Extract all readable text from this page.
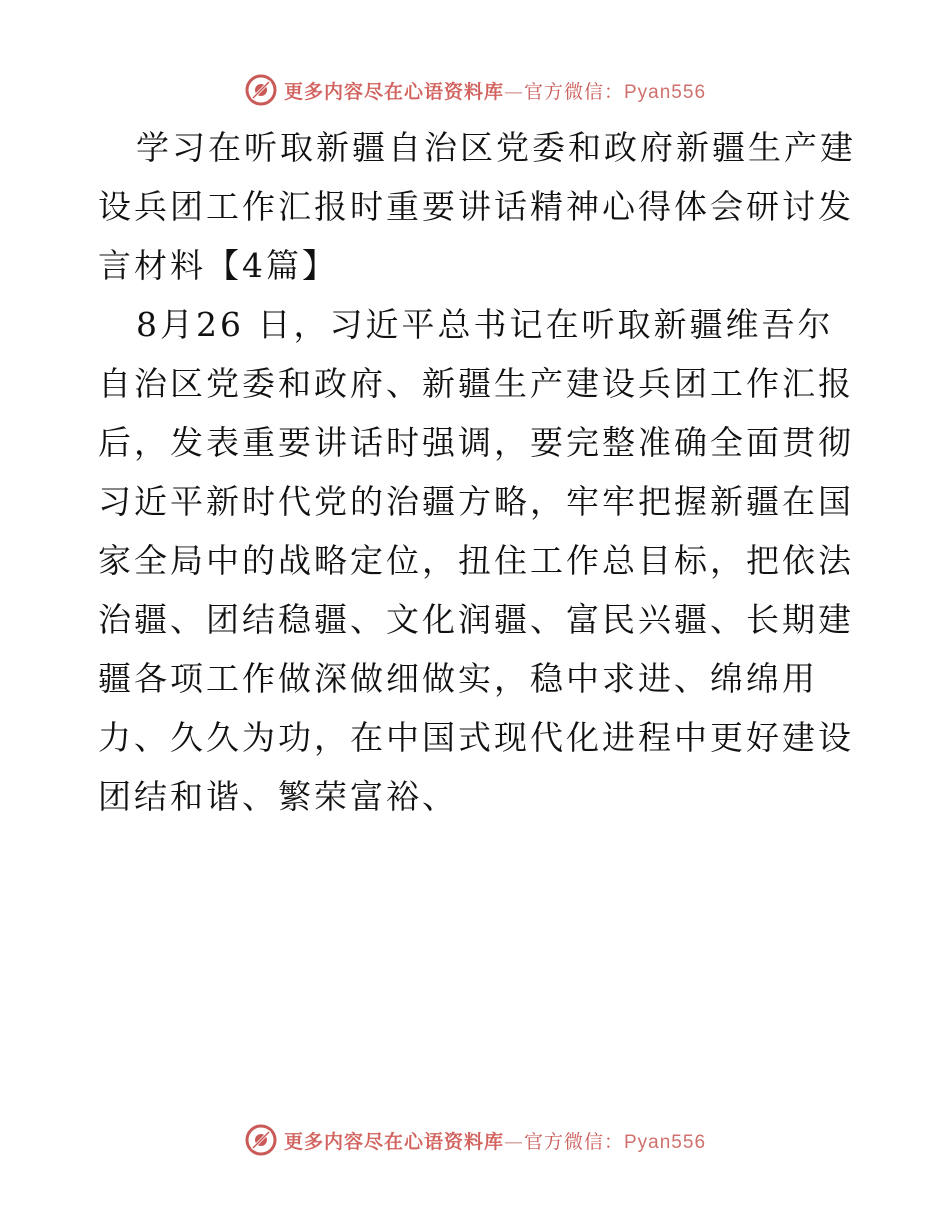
更多内容尽在心语资料库—官方微信：Pyan556

学习在听取新疆自治区党委和政府新疆生产建设兵团工作汇报时重要讲话精神心得体会研讨发言材料【4篇】

8月26 日，习近平总书记在听取新疆维吾尔自治区党委和政府、新疆生产建设兵团工作汇报后，发表重要讲话时强调，要完整准确全面贯彻习近平新时代党的治疆方略，牢牢把握新疆在国家全局中的战略定位，扭住工作总目标，把依法治疆、团结稳疆、文化润疆、富民兴疆、长期建疆各项工作做深做细做实，稳中求进、绵绵用力、久久为功，在中国式现代化进程中更好建设团结和谐、繁荣富裕、

更多内容尽在心语资料库—官方微信：Pyan556
